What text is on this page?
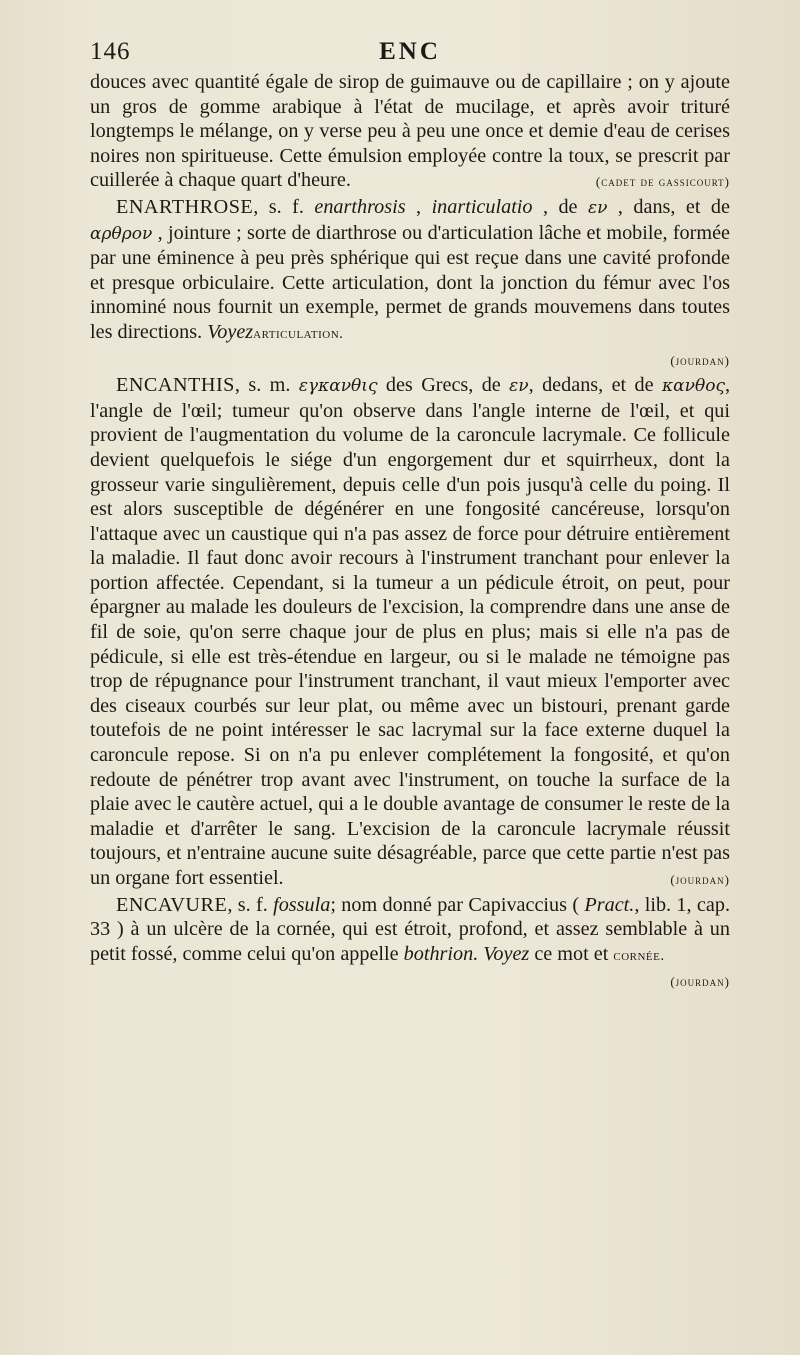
146	ENC

douces avec quantité égale de sirop de guimauve ou de capillaire ; on y ajoute un gros de gomme arabique à l'état de mucilage, et après avoir trituré longtemps le mélange, on y verse peu à peu une once et demie d'eau de cerises noires non spiritueuse. Cette émulsion employée contre la toux, se prescrit par cuillerée à chaque quart d'heure.	(cadet de gassicourt)

ENARTHROSE, s. f. enarthrosis , inarticulatio , de εν , dans, et de αρθρον , jointure ; sorte de diarthrose ou d'articulation lâche et mobile, formée par une éminence à peu près sphérique qui est reçue dans une cavité profonde et presque orbiculaire. Cette articulation, dont la jonction du fémur avec l'os innominé nous fournit un exemple, permet de grands mouvemens dans toutes les directions. Voyezarticulation.

(jourdan)

ENCANTHIS, s. m. εγκανθις des Grecs, de εν, dedans, et de κανθος, l'angle de l'œil; tumeur qu'on observe dans l'angle interne de l'œil, et qui provient de l'augmentation du volume de la caroncule lacrymale. Ce follicule devient quelquefois le siége d'un engorgement dur et squirrheux, dont la grosseur varie singulièrement, depuis celle d'un pois jusqu'à celle du poing. Il est alors susceptible de dégénérer en une fongosité cancéreuse, lorsqu'on l'attaque avec un caustique qui n'a pas assez de force pour détruire entièrement la maladie. Il faut donc avoir recours à l'instrument tranchant pour enlever la portion affectée. Cependant, si la tumeur a un pédicule étroit, on peut, pour épargner au malade les douleurs de l'excision, la comprendre dans une anse de fil de soie, qu'on serre chaque jour de plus en plus; mais si elle n'a pas de pédicule, si elle est très-étendue en largeur, ou si le malade ne témoigne pas trop de répugnance pour l'instrument tranchant, il vaut mieux l'emporter avec des ciseaux courbés sur leur plat, ou même avec un bistouri, prenant garde toutefois de ne point intéresser le sac lacrymal sur la face externe duquel la caroncule repose. Si on n'a pu enlever complétement la fongosité, et qu'on redoute de pénétrer trop avant avec l'instrument, on touche la surface de la plaie avec le cautère actuel, qui a le double avantage de consumer le reste de la maladie et d'arrêter le sang. L'excision de la caroncule lacrymale réussit toujours, et n'entraine aucune suite désagréable, parce que cette partie n'est pas un organe fort essentiel.	(jourdan)

ENCAVURE, s. f. fossula; nom donné par Capivaccius ( Pract., lib. 1, cap. 33 ) à un ulcère de la cornée, qui est étroit, profond, et assez semblable à un petit fossé, comme celui qu'on appelle bothrion. Voyez ce mot et cornée.

(jourdan)
